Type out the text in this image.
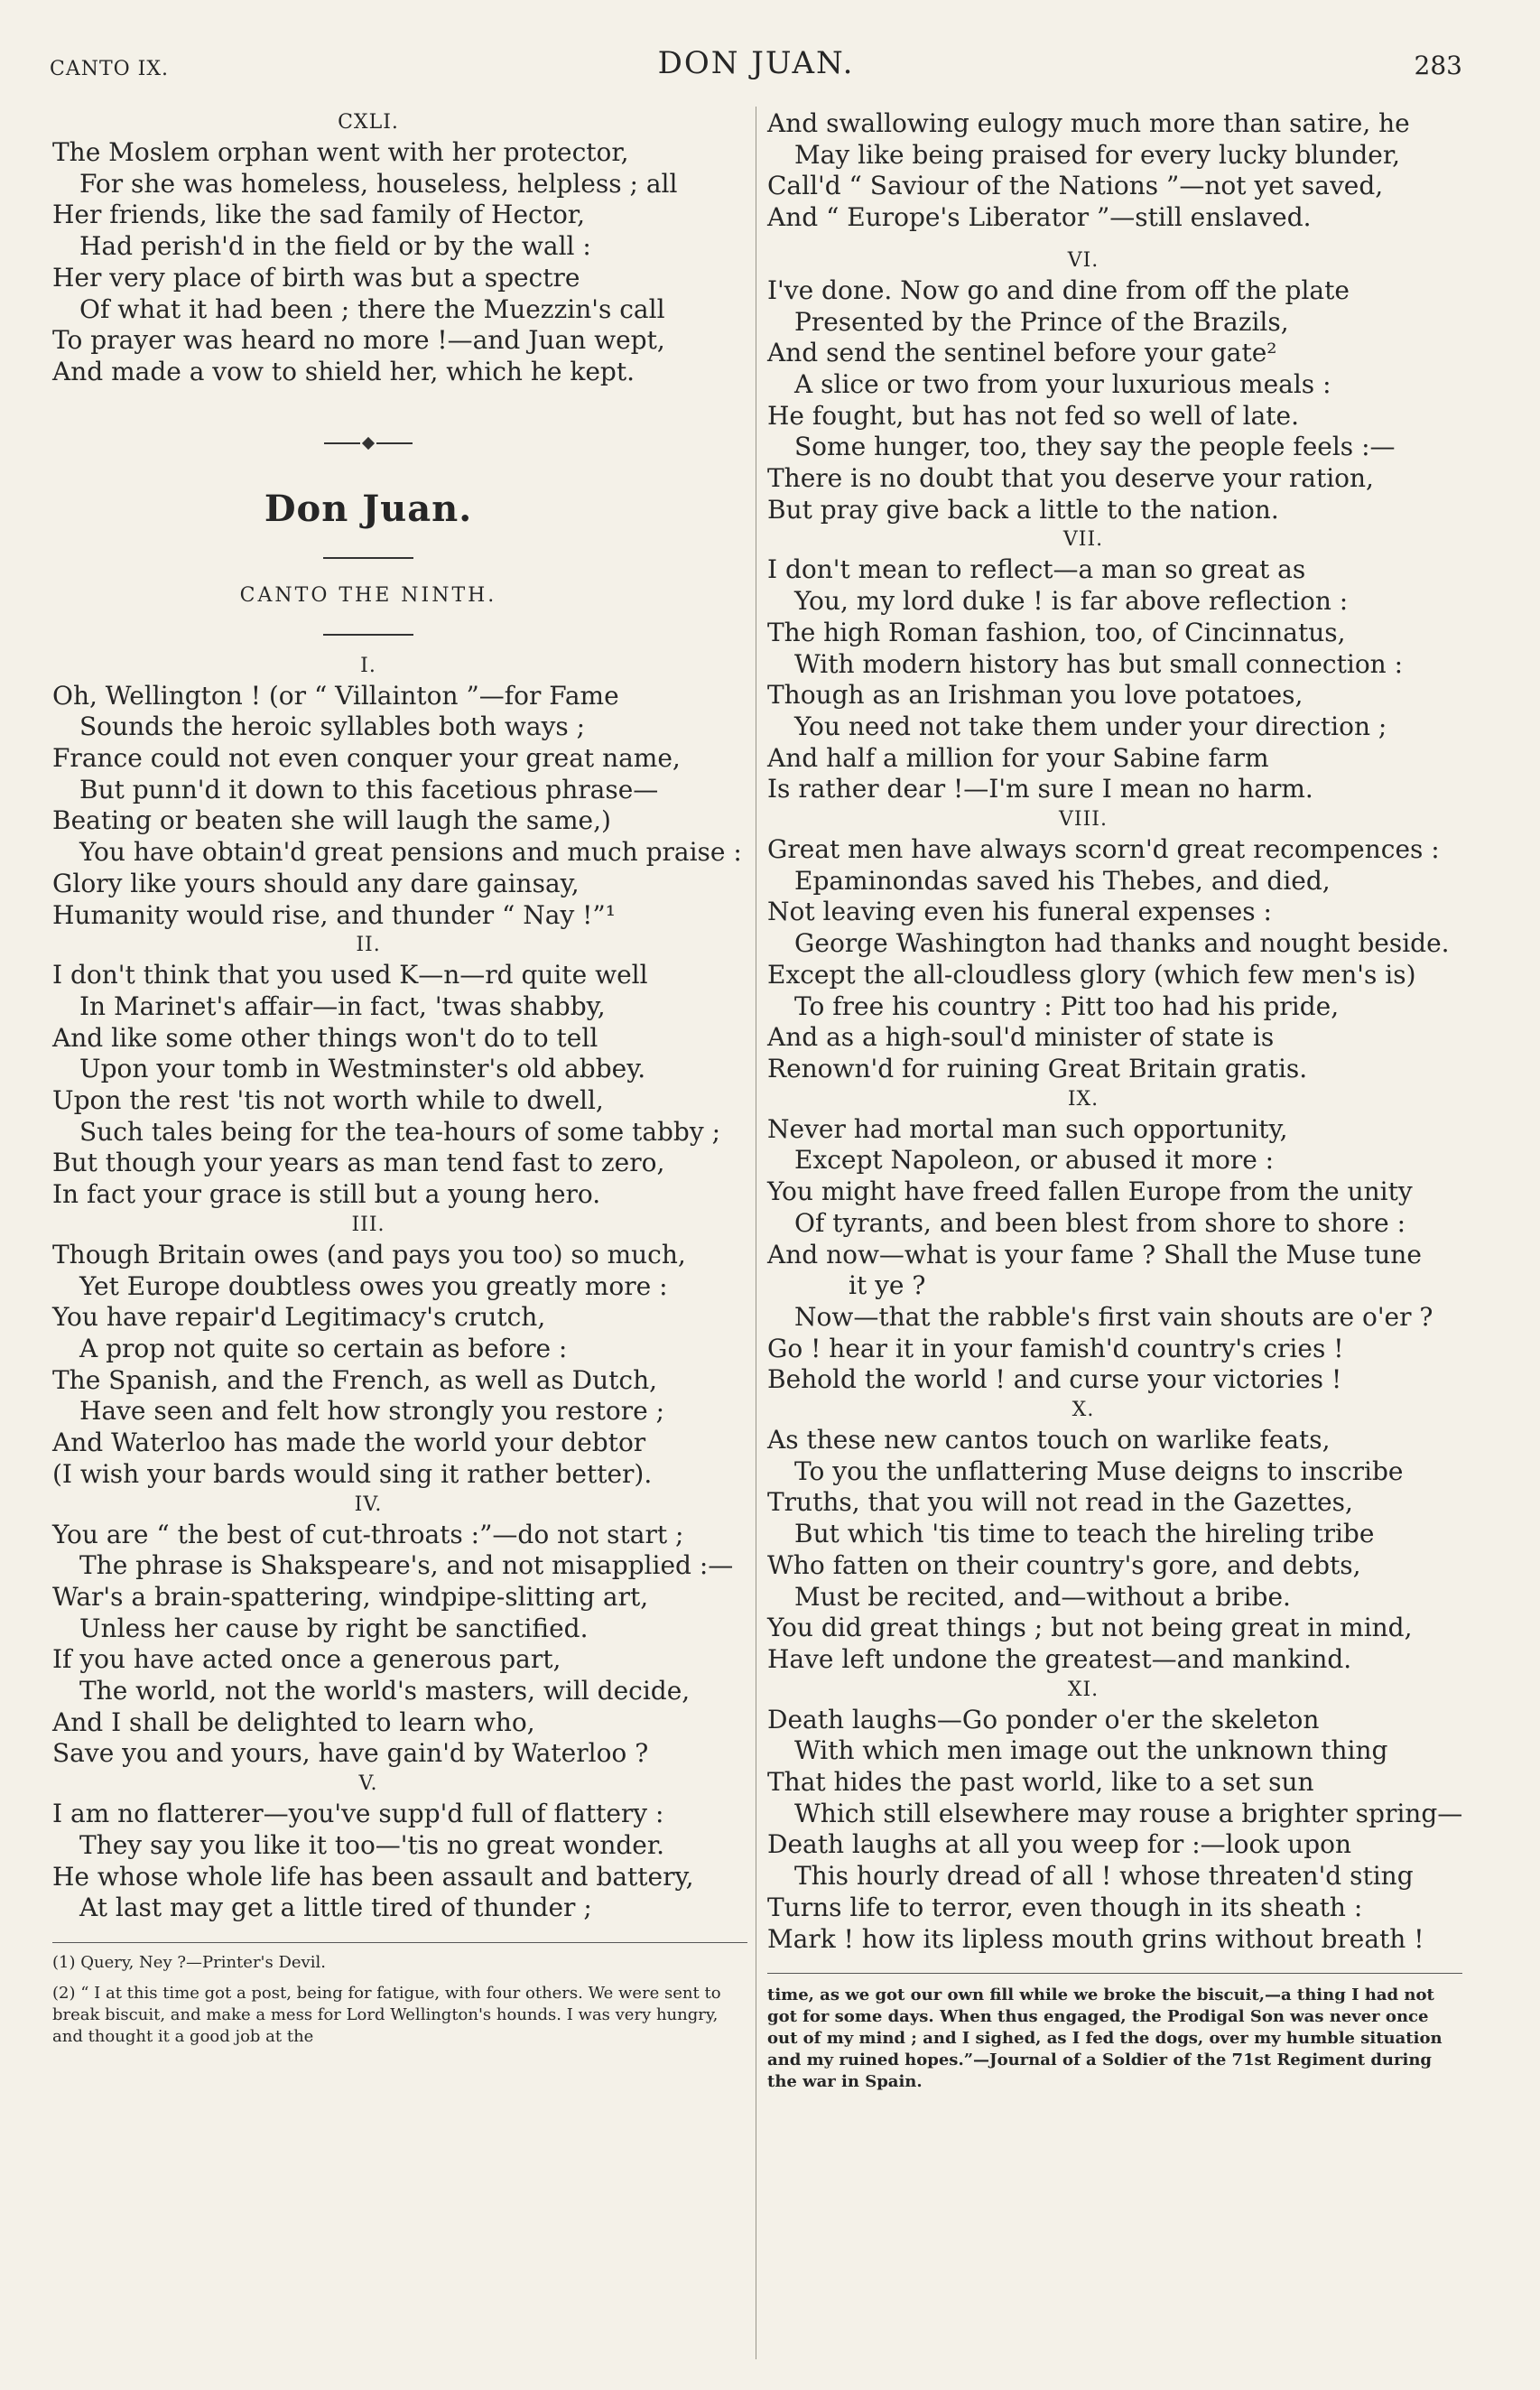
CANTO IX.	DON JUAN.	283
CXLI.
The Moslem orphan went with her protector,
For she was homeless, houseless, helpless ; all
Her friends, like the sad family of Hector,
Had perish'd in the field or by the wall :
Her very place of birth was but a spectre
Of what it had been ; there the Muezzin's call
To prayer was heard no more !—and Juan wept,
And made a vow to shield her, which he kept.
Don Juan.
CANTO THE NINTH.
I.
Oh, Wellington ! (or “ Villainton ”—for Fame
Sounds the heroic syllables both ways ;
France could not even conquer your great name,
But punn'd it down to this facetious phrase—
Beating or beaten she will laugh the same,)
You have obtain'd great pensions and much praise :
Glory like yours should any dare gainsay,
Humanity would rise, and thunder “ Nay !”¹
II.
I don't think that you used K—n—rd quite well
In Marinet's affair—in fact, 'twas shabby,
And like some other things won't do to tell
Upon your tomb in Westminster's old abbey.
Upon the rest 'tis not worth while to dwell,
Such tales being for the tea-hours of some tabby ;
But though your years as man tend fast to zero,
In fact your grace is still but a young hero.
III.
Though Britain owes (and pays you too) so much,
Yet Europe doubtless owes you greatly more :
You have repair'd Legitimacy's crutch,
A prop not quite so certain as before :
The Spanish, and the French, as well as Dutch,
Have seen and felt how strongly you restore ;
And Waterloo has made the world your debtor
(I wish your bards would sing it rather better).
IV.
You are “ the best of cut-throats :”—do not start ;
The phrase is Shakspeare's, and not misapplied :—
War's a brain-spattering, windpipe-slitting art,
Unless her cause by right be sanctified.
If you have acted once a generous part,
The world, not the world's masters, will decide,
And I shall be delighted to learn who,
Save you and yours, have gain'd by Waterloo ?
V.
I am no flatterer—you've supp'd full of flattery :
They say you like it too—'tis no great wonder.
He whose whole life has been assault and battery,
At last may get a little tired of thunder ;
(1) Query, Ney ?—Printer's Devil.
(2) “ I at this time got a post, being for fatigue, with four others. We were sent to break biscuit, and make a mess for Lord Wellington's hounds. I was very hungry, and thought it a good job at the
And swallowing eulogy much more than satire, he
May like being praised for every lucky blunder,
Call'd “ Saviour of the Nations ”—not yet saved,
And “ Europe's Liberator ”—still enslaved.
VI.
I've done. Now go and dine from off the plate
Presented by the Prince of the Brazils,
And send the sentinel before your gate²
A slice or two from your luxurious meals :
He fought, but has not fed so well of late.
Some hunger, too, they say the people feels :—
There is no doubt that you deserve your ration,
But pray give back a little to the nation.
VII.
I don't mean to reflect—a man so great as
You, my lord duke ! is far above reflection :
The high Roman fashion, too, of Cincinnatus,
With modern history has but small connection :
Though as an Irishman you love potatoes,
You need not take them under your direction ;
And half a million for your Sabine farm
Is rather dear !—I'm sure I mean no harm.
VIII.
Great men have always scorn'd great recompences :
Epaminondas saved his Thebes, and died,
Not leaving even his funeral expenses :
George Washington had thanks and nought beside.
Except the all-cloudless glory (which few men's is)
To free his country : Pitt too had his pride,
And as a high-soul'd minister of state is
Renown'd for ruining Great Britain gratis.
IX.
Never had mortal man such opportunity,
Except Napoleon, or abused it more :
You might have freed fallen Europe from the unity
Of tyrants, and been blest from shore to shore :
And now—what is your fame ? Shall the Muse tune
it ye ?
Now—that the rabble's first vain shouts are o'er ?
Go ! hear it in your famish'd country's cries !
Behold the world ! and curse your victories !
X.
As these new cantos touch on warlike feats,
To you the unflattering Muse deigns to inscribe
Truths, that you will not read in the Gazettes,
But which 'tis time to teach the hireling tribe
Who fatten on their country's gore, and debts,
Must be recited, and—without a bribe.
You did great things ; but not being great in mind,
Have left undone the greatest—and mankind.
XI.
Death laughs—Go ponder o'er the skeleton
With which men image out the unknown thing
That hides the past world, like to a set sun
Which still elsewhere may rouse a brighter spring—
Death laughs at all you weep for :—look upon
This hourly dread of all ! whose threaten'd sting
Turns life to terror, even though in its sheath :
Mark ! how its lipless mouth grins without breath !
time, as we got our own fill while we broke the biscuit,—a thing I had not got for some days. When thus engaged, the Prodigal Son was never once out of my mind ; and I sighed, as I fed the dogs, over my humble situation and my ruined hopes.”—Journal of a Soldier of the 71st Regiment during the war in Spain.
